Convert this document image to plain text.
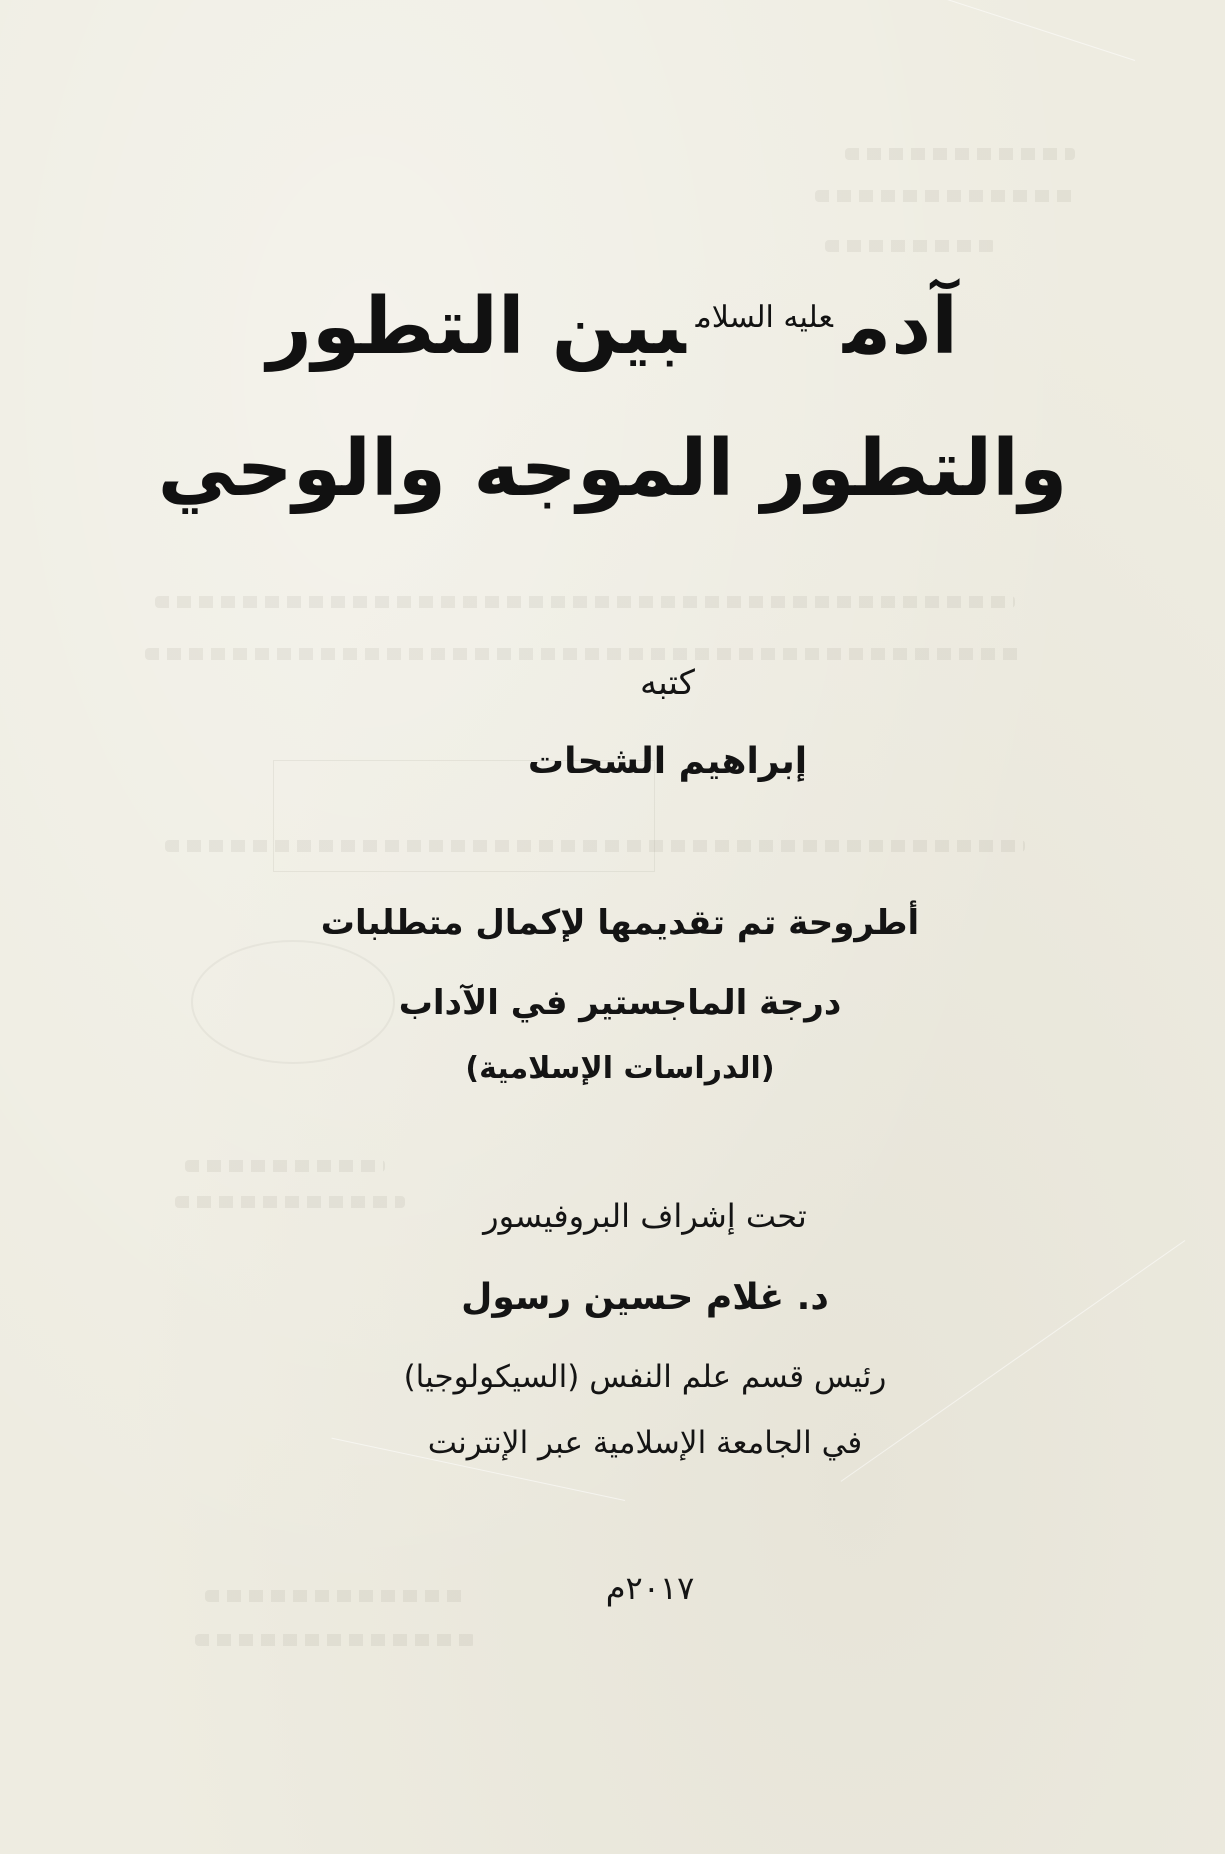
آدم$^{عليه السلام}$بين التطور
والتطور الموجه والوحي
كتبه
إبراهيم الشحات
أطروحة تم تقديمها لإكمال متطلبات
درجة الماجستير في الآداب
(الدراسات الإسلامية)
تحت إشراف البروفيسور
د. غلام حسين رسول
رئيس قسم علم النفس (السيكولوجيا)
في الجامعة الإسلامية عبر الإنترنت
٢٠١٧م
